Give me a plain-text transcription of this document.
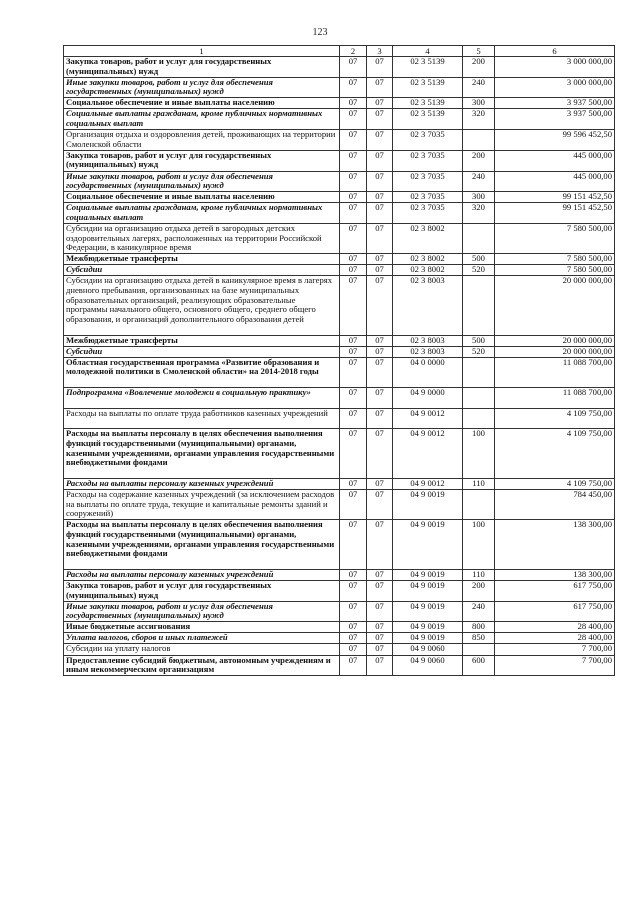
123
1	2	3	4	5	6
Закупка товаров, работ и услуг для государственных (муниципальных) нужд	07	07	02 3 5139	200	3 000 000,00
Иные закупки товаров, работ и услуг для обеспечения государственных (муниципальных) нужд	07	07	02 3 5139	240	3 000 000,00
Социальное обеспечение и иные выплаты населению	07	07	02 3 5139	300	3 937 500,00
Социальные выплаты гражданам, кроме публичных нормативных социальных выплат	07	07	02 3 5139	320	3 937 500,00
Организация отдыха и оздоровления детей, проживающих на территории Смоленской области	07	07	02 3 7035		99 596 452,50
Закупка товаров, работ и услуг для государственных (муниципальных) нужд	07	07	02 3 7035	200	445 000,00
Иные закупки товаров, работ и услуг для обеспечения государственных (муниципальных) нужд	07	07	02 3 7035	240	445 000,00
Социальное обеспечение и иные выплаты населению	07	07	02 3 7035	300	99 151 452,50
Социальные выплаты гражданам, кроме публичных нормативных социальных выплат	07	07	02 3 7035	320	99 151 452,50
Субсидии на организацию отдыха детей в загородных детских оздоровительных лагерях, расположенных на территории Российской Федерации, в каникулярное время	07	07	02 3 8002		7 580 500,00
Межбюджетные трансферты	07	07	02 3 8002	500	7 580 500,00
Субсидии	07	07	02 3 8002	520	7 580 500,00
Субсидии на организацию отдыха детей в каникулярное время в лагерях дневного пребывания, организованных на базе муниципальных образовательных организаций, реализующих образовательные программы начального общего, основного общего, среднего общего образования, и организаций дополнительного образования детей	07	07	02 3 8003		20 000 000,00
Межбюджетные трансферты	07	07	02 3 8003	500	20 000 000,00
Субсидии	07	07	02 3 8003	520	20 000 000,00
Областная государственная программа «Развитие образования и молодежной политики в Смоленской области» на 2014-2018 годы	07	07	04 0 0000		11 088 700,00
Подпрограмма «Вовлечение молодежи в социальную практику»	07	07	04 9 0000		11 088 700,00
Расходы на выплаты по оплате труда работников казенных учреждений	07	07	04 9 0012		4 109 750,00
Расходы на выплаты персоналу в целях обеспечения выполнения функций государственными (муниципальными) органами, казенными учреждениями, органами управления государственными внебюджетными фондами	07	07	04 9 0012	100	4 109 750,00
Расходы на выплаты персоналу казенных учреждений	07	07	04 9 0012	110	4 109 750,00
Расходы на содержание казенных учреждений (за исключением расходов на выплаты по оплате труда, текущие и капитальные ремонты зданий и сооружений)	07	07	04 9 0019		784 450,00
Расходы на выплаты персоналу в целях обеспечения выполнения функций государственными (муниципальными) органами, казенными учреждениями, органами управления государственными внебюджетными фондами	07	07	04 9 0019	100	138 300,00
Расходы на выплаты персоналу казенных учреждений	07	07	04 9 0019	110	138 300,00
Закупка товаров, работ и услуг для государственных (муниципальных) нужд	07	07	04 9 0019	200	617 750,00
Иные закупки товаров, работ и услуг для обеспечения государственных (муниципальных) нужд	07	07	04 9 0019	240	617 750,00
Иные бюджетные ассигнования	07	07	04 9 0019	800	28 400,00
Уплата налогов, сборов и иных платежей	07	07	04 9 0019	850	28 400,00
Субсидии на уплату налогов	07	07	04 9 0060		7 700,00
Предоставление субсидий бюджетным, автономным учреждениям и иным некоммерческим организациям	07	07	04 9 0060	600	7 700,00
